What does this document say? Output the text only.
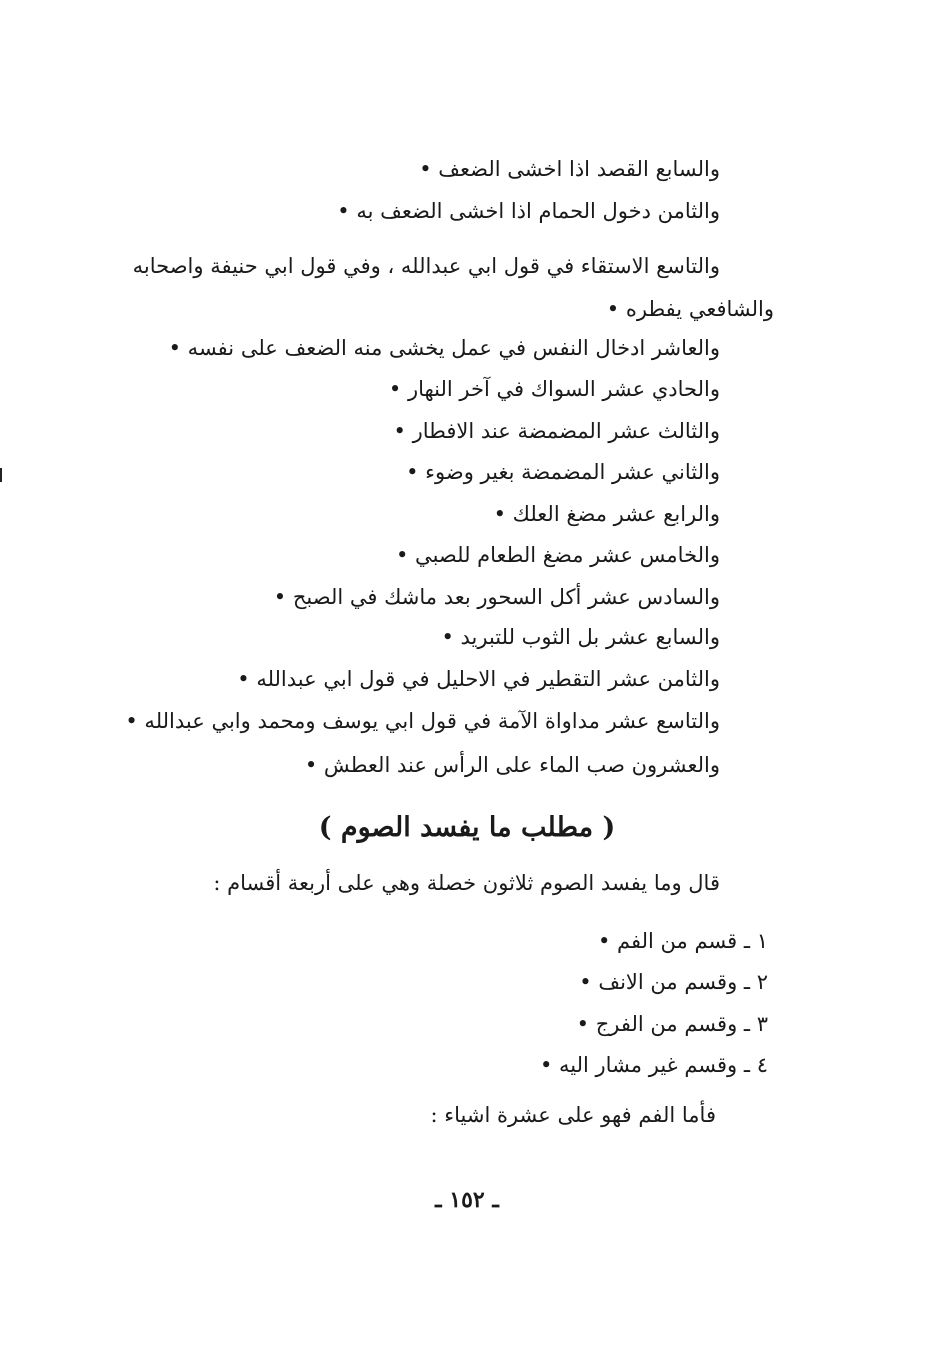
والسابع القصد اذا اخشى الضعف •
والثامن دخول الحمام اذا اخشى الضعف به •
والتاسع الاستقاء في قول ابي عبدالله ، وفي قول ابي حنيفة واصحابه
والشافعي يفطره •
والعاشر ادخال النفس في عمل يخشى منه الضعف على نفسه •
والحادي عشر السواك في آخر النهار •
والثالث عشر المضمضة عند الافطار •
والثاني عشر المضمضة بغير وضوء •
والرابع عشر مضغ العلك •
والخامس عشر مضغ الطعام للصبي •
والسادس عشر أكل السحور بعد ماشك في الصبح •
والسابع عشر بل الثوب للتبريد •
والثامن عشر التقطير في الاحليل في قول ابي عبدالله •
والتاسع عشر مداواة الآمة في قول ابي يوسف ومحمد وابي عبدالله •
والعشرون صب الماء على الرأس عند العطش •
( مطلب ما يفسد الصوم )
قال وما يفسد الصوم ثلاثون خصلة وهي على أربعة أقسام :
١ ـ قسم من الفم •
٢ ـ وقسم من الانف •
٣ ـ وقسم من الفرج •
٤ ـ وقسم غير مشار اليه •
فأما الفم فهو على عشرة اشياء :
ـ ١٥٢ ـ
